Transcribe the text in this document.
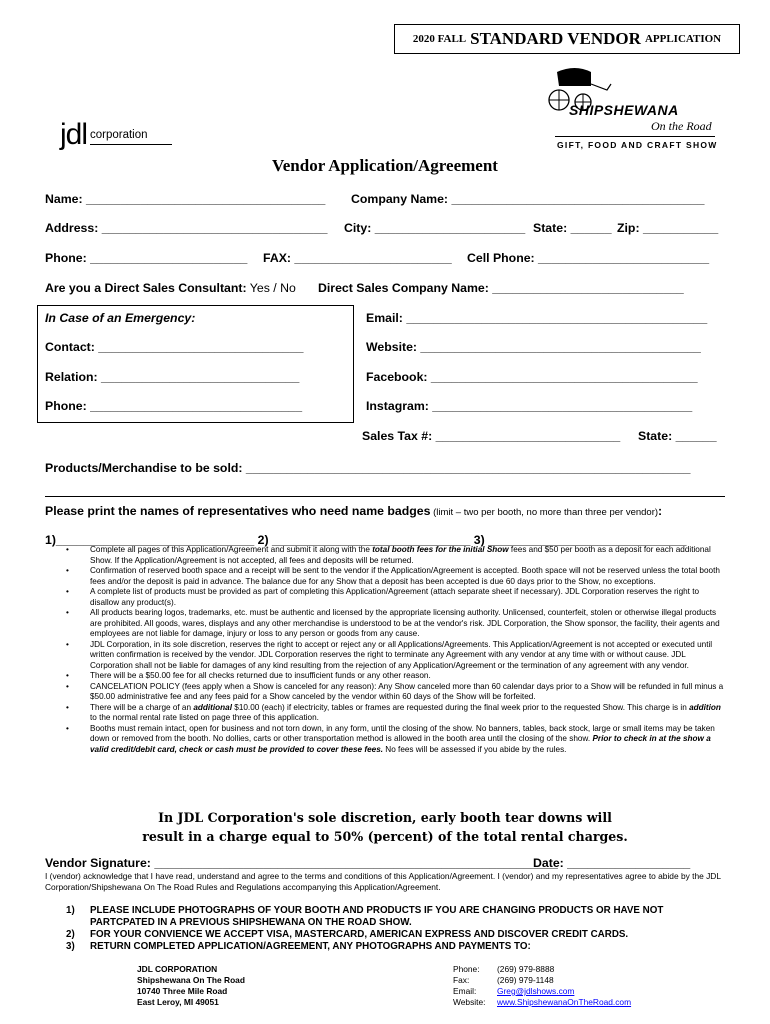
2020 FALL STANDARD VENDOR APPLICATION
jdl corporation
SHIPSHEWANA
On the Road
GIFT, FOOD AND CRAFT SHOW
Vendor Application/Agreement
Name: ___________________________________ Company Name: _____________________________________
Address: _________________________________ City: ______________________ State: ______ Zip: ___________
Phone: _______________________ FAX: _______________________ Cell Phone: _________________________
Are you a Direct Sales Consultant: Yes / No Direct Sales Company Name: ____________________________
In Case of an Emergency:	Email: ____________________________________________
Contact: ______________________________	Website: _________________________________________
Relation: _____________________________	Facebook: _______________________________________
Phone: _______________________________	Instagram: ______________________________________
Sales Tax #: ___________________________ State: ______
Products/Merchandise to be sold: _________________________________________________________________
Please print the names of representatives who need name badges (limit – two per booth, no more than three per vendor):
1)_____________________________ 2) _____________________________ 3) _____________________________
• Complete all pages of this Application/Agreement and submit it along with the total booth fees for the initial Show fees and $50 per booth as a deposit for each additional Show. If the Application/Agreement is not accepted, all fees and deposits will be returned.
• Confirmation of reserved booth space and a receipt will be sent to the vendor if the Application/Agreement is accepted. Booth space will not be reserved unless the total booth fees and/or the deposit is paid in advance. The balance due for any Show that a deposit has been accepted is due 60 days prior to the Show, no exceptions.
• A complete list of products must be provided as part of completing this Application/Agreement (attach separate sheet if necessary). JDL Corporation reserves the right to disallow any product(s).
• All products bearing logos, trademarks, etc. must be authentic and licensed by the appropriate licensing authority. Unlicensed, counterfeit, stolen or otherwise illegal products are prohibited. All goods, wares, displays and any other merchandise is understood to be at the vendor's risk. JDL Corporation, the Show sponsor, the facility, their agents and employees are not liable for damage, injury or loss to any person or goods from any cause.
• JDL Corporation, in its sole discretion, reserves the right to accept or reject any or all Applications/Agreements. This Application/Agreement is not accepted or executed until written confirmation is received by the vendor. JDL Corporation reserves the right to terminate any Agreement with any vendor at any time with or without cause. JDL Corporation shall not be liable for damages of any kind resulting from the rejection of any Application/Agreement or the termination of any agreement with any vendor.
• There will be a $50.00 fee for all checks returned due to insufficient funds or any other reason.
• CANCELATION POLICY (fees apply when a Show is canceled for any reason): Any Show canceled more than 60 calendar days prior to a Show will be refunded in full minus a $50.00 administrative fee and any fees paid for a Show canceled by the vendor within 60 days of the Show will be forfeited.
• There will be a charge of an additional $10.00 (each) if electricity, tables or frames are requested during the final week prior to the requested Show. This charge is in addition to the normal rental rate listed on page three of this application.
• Booths must remain intact, open for business and not torn down, in any form, until the closing of the show. No banners, tables, back stock, large or small items may be taken down or removed from the booth. No dollies, carts or other transportation method is allowed in the booth area until the closing of the show. Prior to check in at the show a valid credit/debit card, check or cash must be provided to cover these fees. No fees will be assessed if you abide by the rules.
In JDL Corporation's sole discretion, early booth tear downs will
result in a charge equal to 50% (percent) of the total rental charges.
Vendor Signature: ___________________________________________________________
Date: __________________
I (vendor) acknowledge that I have read, understand and agree to the terms and conditions of this Application/Agreement. I (vendor) and my representatives agree to abide by the JDL Corporation/Shipshewana On The Road Rules and Regulations accompanying this Application/Agreement.
1)	PLEASE INCLUDE PHOTOGRAPHS OF YOUR BOOTH AND PRODUCTS IF YOU ARE CHANGING PRODUCTS OR HAVE NOT PARTCPATED IN A PREVIOUS SHIPSHEWANA ON THE ROAD SHOW.
2)	FOR YOUR CONVIENCE WE ACCEPT VISA, MASTERCARD, AMERICAN EXPRESS AND DISCOVER CREDIT CARDS.
3)	RETURN COMPLETED APPLICATION/AGREEMENT, ANY PHOTOGRAPHS AND PAYMENTS TO:
JDL CORPORATION
Shipshewana On The Road
10740 Three Mile Road
East Leroy, MI 49051
Phone: (269) 979-8888
Fax:	(269) 979-1148
Email: Greg@jdlshows.com
Website: www.ShipshewanaOnTheRoad.com
